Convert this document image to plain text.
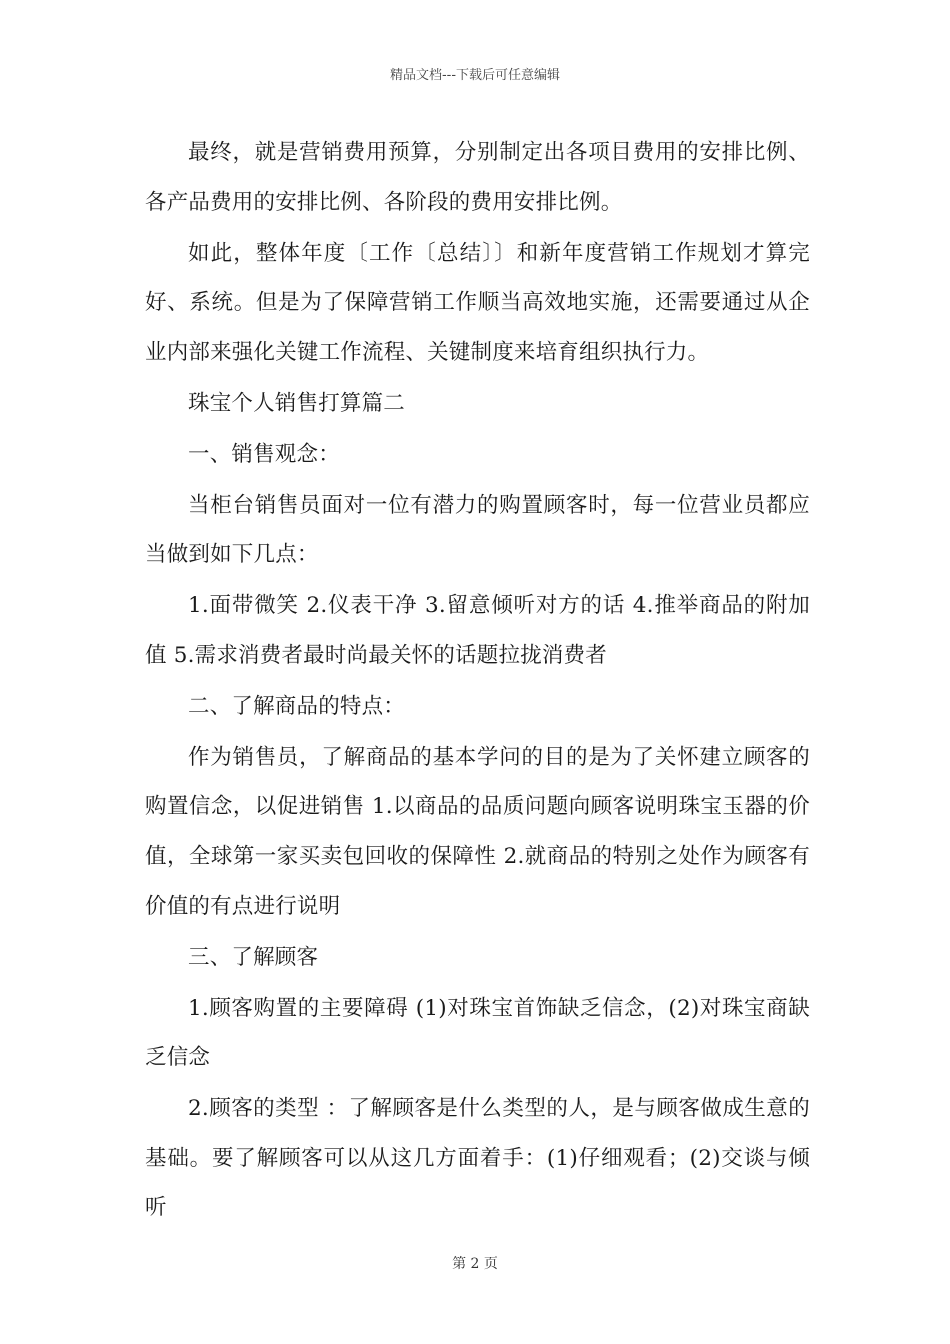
精品文档---下载后可任意编辑

最终，就是营销费用预算，分别制定出各项目费用的安排比例、各产品费用的安排比例、各阶段的费用安排比例。

如此，整体年度〔工作〔总结〕〕和新年度营销工作规划才算完好、系统。但是为了保障营销工作顺当高效地实施，还需要通过从企业内部来强化关键工作流程、关键制度来培育组织执行力。

珠宝个人销售打算篇二

一、销售观念：

当柜台销售员面对一位有潜力的购置顾客时，每一位营业员都应当做到如下几点：

1.面带微笑 2.仪表干净 3.留意倾听对方的话 4.推举商品的附加值 5.需求消费者最时尚最关怀的话题拉拢消费者

二、了解商品的特点：

作为销售员，了解商品的基本学问的目的是为了关怀建立顾客的购置信念，以促进销售 1.以商品的品质问题向顾客说明珠宝玉器的价值，全球第一家买卖包回收的保障性 2.就商品的特别之处作为顾客有价值的有点进行说明

三、了解顾客

1.顾客购置的主要障碍 (1)对珠宝首饰缺乏信念，(2)对珠宝商缺乏信念

2.顾客的类型 ：了解顾客是什么类型的人，是与顾客做成生意的基础。要了解顾客可以从这几方面着手：(1)仔细观看；(2)交谈与倾听

第 2 页
